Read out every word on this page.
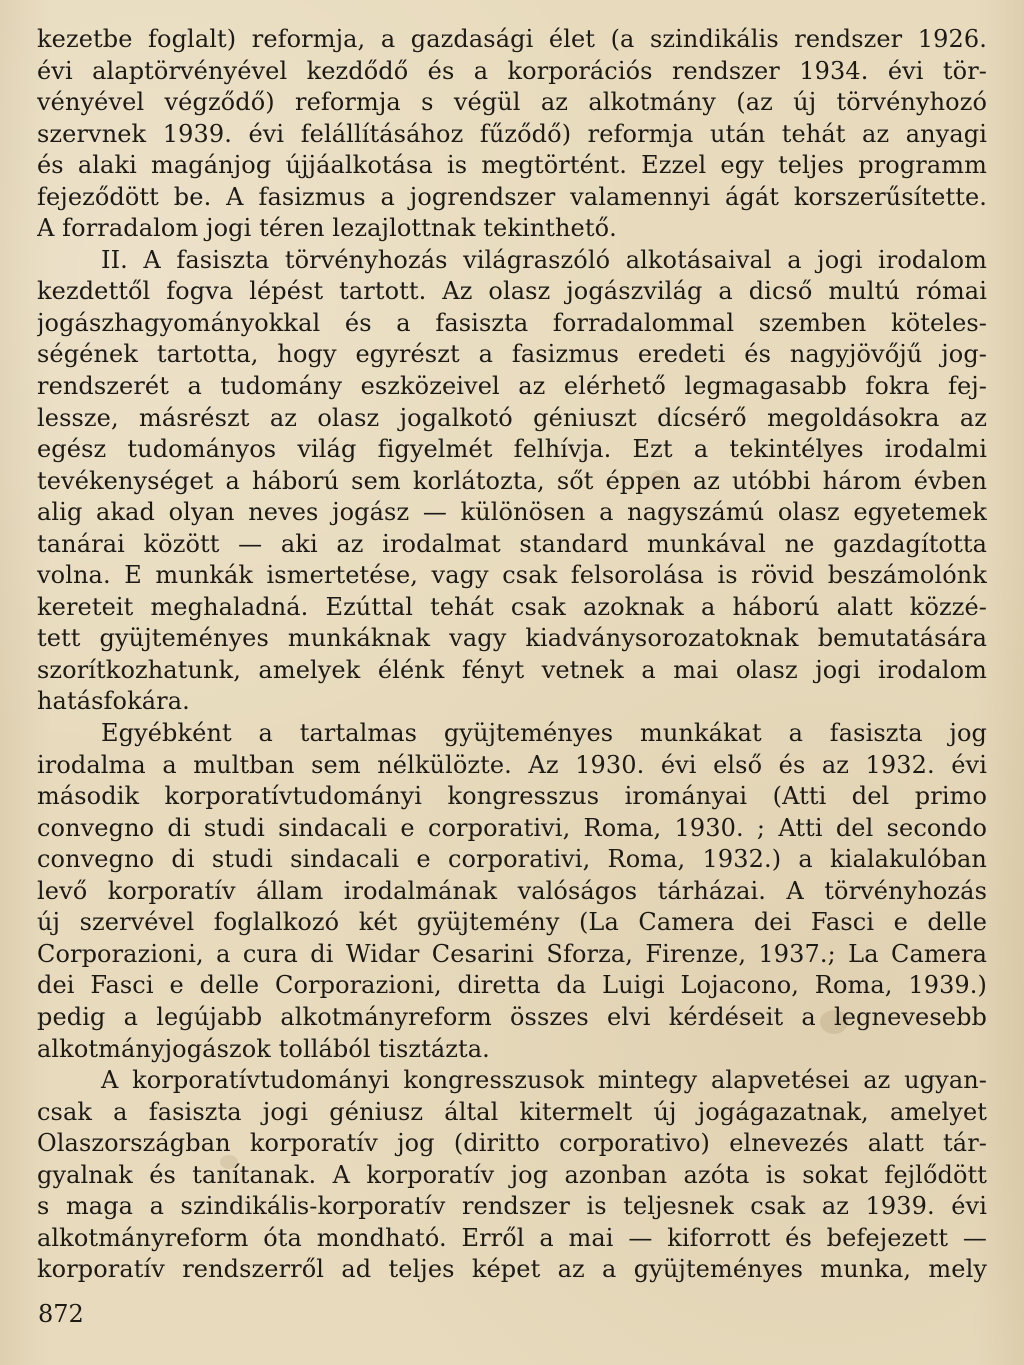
kezetbe foglalt) reformja, a gazdasági élet (a szindikális rendszer 1926.
évi alaptörvényével kezdődő és a korporációs rendszer 1934. évi tör-
vényével végződő) reformja s végül az alkotmány (az új törvényhozó
szervnek 1939. évi felállításához fűződő) reformja után tehát az anyagi
és alaki magánjog újjáalkotása is megtörtént. Ezzel egy teljes programm
fejeződött be. A fasizmus a jogrendszer valamennyi ágát korszerűsítette.
A forradalom jogi téren lezajlottnak tekinthető.
II. A fasiszta törvényhozás világraszóló alkotásaival a jogi irodalom
kezdettől fogva lépést tartott. Az olasz jogászvilág a dicső multú római
jogászhagyományokkal és a fasiszta forradalommal szemben köteles-
ségének tartotta, hogy egyrészt a fasizmus eredeti és nagyjövőjű jog-
rendszerét a tudomány eszközeivel az elérhető legmagasabb fokra fej-
lessze, másrészt az olasz jogalkotó géniuszt dícsérő megoldásokra az
egész tudományos világ figyelmét felhívja. Ezt a tekintélyes irodalmi
tevékenységet a háború sem korlátozta, sőt éppen az utóbbi három évben
alig akad olyan neves jogász — különösen a nagyszámú olasz egyetemek
tanárai között — aki az irodalmat standard munkával ne gazdagította
volna. E munkák ismertetése, vagy csak felsorolása is rövid beszámolónk
kereteit meghaladná. Ezúttal tehát csak azoknak a háború alatt közzé-
tett gyüjteményes munkáknak vagy kiadványsorozatoknak bemutatására
szorítkozhatunk, amelyek élénk fényt vetnek a mai olasz jogi irodalom
hatásfokára.
Egyébként a tartalmas gyüjteményes munkákat a fasiszta jog
irodalma a multban sem nélkülözte. Az 1930. évi első és az 1932. évi
második korporatívtudományi kongresszus irományai (Atti del primo
convegno di studi sindacali e corporativi, Roma, 1930. ; Atti del secondo
convegno di studi sindacali e corporativi, Roma, 1932.) a kialakulóban
levő korporatív állam irodalmának valóságos tárházai. A törvényhozás
új szervével foglalkozó két gyüjtemény (La Camera dei Fasci e delle
Corporazioni, a cura di Widar Cesarini Sforza, Firenze, 1937.; La Camera
dei Fasci e delle Corporazioni, diretta da Luigi Lojacono, Roma, 1939.)
pedig a legújabb alkotmányreform összes elvi kérdéseit a legnevesebb
alkotmányjogászok tollából tisztázta.
A korporatívtudományi kongresszusok mintegy alapvetései az ugyan-
csak a fasiszta jogi géniusz által kitermelt új jogágazatnak, amelyet
Olaszországban korporatív jog (diritto corporativo) elnevezés alatt tár-
gyalnak és tanítanak. A korporatív jog azonban azóta is sokat fejlődött
s maga a szindikális-korporatív rendszer is teljesnek csak az 1939. évi
alkotmányreform óta mondható. Erről a mai — kiforrott és befejezett —
korporatív rendszerről ad teljes képet az a gyüjteményes munka, mely
872
